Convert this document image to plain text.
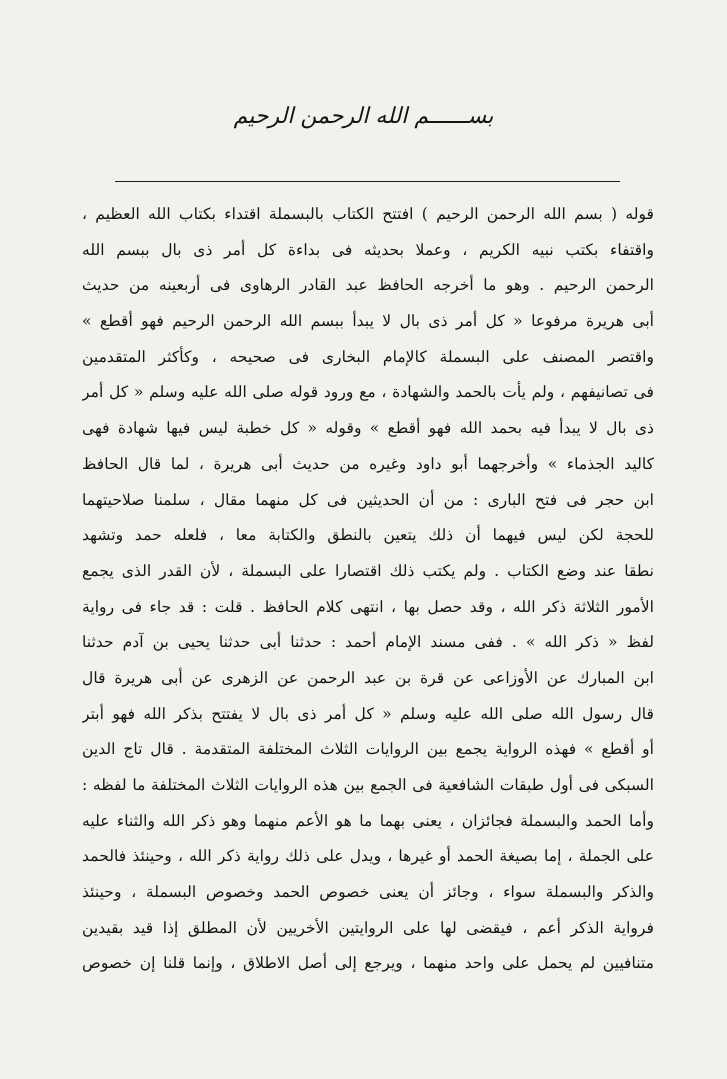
بســــــم الله الرحمن الرحيم
قوله ( بسم الله الرحمن الرحيم ) افتتح الكتاب بالبسملة اقتداء بكتاب الله العظيم ،
واقتفاء بكتب نبيه الكريم ، وعملا بحديثه فى بداءة كل أمر ذى بال ببسم الله
الرحمن الرحيم . وهو ما أخرجه الحافظ عبد القادر الرهاوى فى أربعينه من حديث
أبى هريرة مرفوعا « كل أمر ذى بال لا يبدأ ببسم الله الرحمن الرحيم فهو أقطع »
واقتصر المصنف على البسملة كالإمام البخارى فى صحيحه ، وكأكثر المتقدمين
فى تصانيفهم ، ولم يأت بالحمد والشهادة ، مع ورود قوله صلى الله عليه وسلم « كل أمر
ذى بال لا يبدأ فيه بحمد الله فهو أقطع » وقوله « كل خطبة ليس فيها شهادة فهى
كاليد الجذماء » وأخرجهما أبو داود وغيره من حديث أبى هريرة ، لما قال الحافظ
ابن حجر فى فتح البارى : من أن الحديثين فى كل منهما مقال ، سلمنا صلاحيتهما
للحجة لكن ليس فيهما أن ذلك يتعين بالنطق والكتابة معا ، فلعله حمد وتشهد
نطقا عند وضع الكتاب . ولم يكتب ذلك اقتصارا على البسملة ، لأن القدر الذى يجمع
الأمور الثلاثة ذكر الله ، وقد حصل بها ، انتهى كلام الحافظ . قلت : قد جاء فى رواية
لفظ « ذكر الله » . ففى مسند الإمام أحمد : حدثنا أبى حدثنا يحيى بن آدم حدثنا
ابن المبارك عن الأوزاعى عن قرة بن عبد الرحمن عن الزهرى عن أبى هريرة قال
قال رسول الله صلى الله عليه وسلم « كل أمر ذى بال لا يفتتح بذكر الله فهو أبتر
أو أقطع » فهذه الرواية يجمع بين الروايات الثلاث المختلفة المتقدمة . قال تاج الدين
السبكى فى أول طبقات الشافعية فى الجمع بين هذه الروايات الثلاث المختلفة ما لفظه :
وأما الحمد والبسملة فجائزان ، يعنى بهما ما هو الأعم منهما وهو ذكر الله والثناء عليه
على الجملة ، إما بصيغة الحمد أو غيرها ، ويدل على ذلك رواية ذكر الله ، وحينئذ فالحمد
والذكر والبسملة سواء ، وجائز أن يعنى خصوص الحمد وخصوص البسملة ، وحينئذ
فرواية الذكر أعم ، فيقضى لها على الروايتين الأخريين لأن المطلق إذا قيد بقيدين
متنافيين لم يحمل على واحد منهما ، ويرجع إلى أصل الاطلاق ، وإنما قلنا إن خصوص
